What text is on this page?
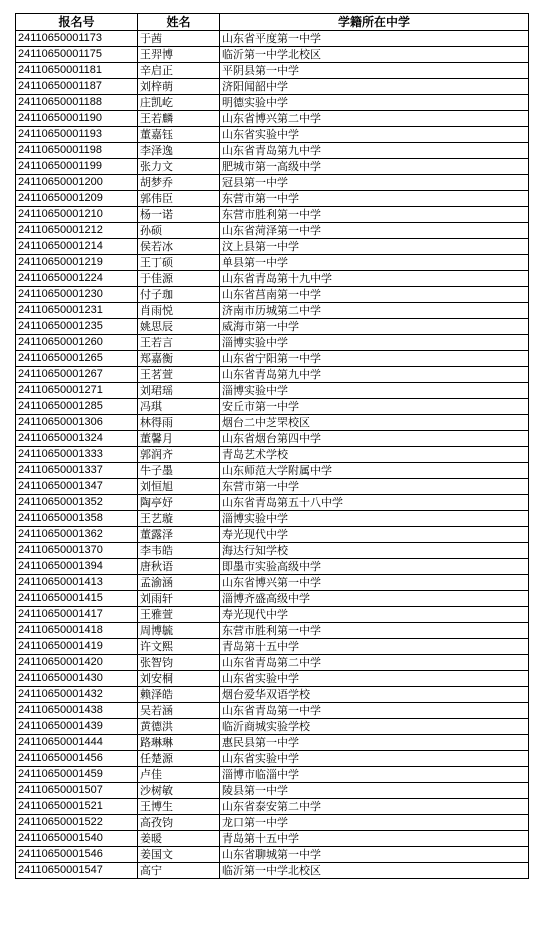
报名号	姓名	学籍所在中学
24110650001173	于茜	山东省平度第一中学
24110650001175	王羿博	临沂第一中学北校区
24110650001181	辛启正	平阴县第一中学
24110650001187	刘梓萌	济阳闻韶中学
24110650001188	庄凯屹	明德实验中学
24110650001190	王若麟	山东省博兴第二中学
24110650001193	董嘉钰	山东省实验中学
24110650001198	李泽逸	山东省青岛第九中学
24110650001199	张力文	肥城市第一高级中学
24110650001200	胡梦乔	冠县第一中学
24110650001209	郭伟臣	东营市第一中学
24110650001210	杨一诺	东营市胜利第一中学
24110650001212	孙硕	山东省菏泽第一中学
24110650001214	侯若冰	汶上县第一中学
24110650001219	王丁硕	单县第一中学
24110650001224	于佳源	山东省青岛第十九中学
24110650001230	付子珈	山东省莒南第一中学
24110650001231	肖雨悦	济南市历城第二中学
24110650001235	姚思辰	威海市第一中学
24110650001260	王若言	淄博实验中学
24110650001265	郑嘉衡	山东省宁阳第一中学
24110650001267	王茗萱	山东省青岛第九中学
24110650001271	刘珺瑶	淄博实验中学
24110650001285	冯琪	安丘市第一中学
24110650001306	林得雨	烟台二中芝罘校区
24110650001324	董馨月	山东省烟台第四中学
24110650001333	郭润齐	青岛艺术学校
24110650001337	牛子墨	山东师范大学附属中学
24110650001347	刘恒旭	东营市第一中学
24110650001352	陶亭妤	山东省青岛第五十八中学
24110650001358	王艺璇	淄博实验中学
24110650001362	董露泽	寿光现代中学
24110650001370	李韦皓	海达行知学校
24110650001394	唐秋语	即墨市实验高级中学
24110650001413	孟渝涵	山东省博兴第一中学
24110650001415	刘雨轩	淄博齐盛高级中学
24110650001417	王雅萱	寿光现代中学
24110650001418	周博毓	东营市胜利第一中学
24110650001419	许文熙	青岛第十五中学
24110650001420	张智钧	山东省青岛第二中学
24110650001430	刘安桐	山东省实验中学
24110650001432	赖泽皓	烟台爱华双语学校
24110650001438	吴若涵	山东省青岛第一中学
24110650001439	黄德洪	临沂商城实验学校
24110650001444	路琳琳	惠民县第一中学
24110650001456	任楚源	山东省实验中学
24110650001459	卢佳	淄博市临淄中学
24110650001507	沙树敏	陵县第一中学
24110650001521	王博生	山东省泰安第二中学
24110650001522	高孜钧	龙口第一中学
24110650001540	姜暖	青岛第十五中学
24110650001546	姜国文	山东省聊城第一中学
24110650001547	高宁	临沂第一中学北校区
